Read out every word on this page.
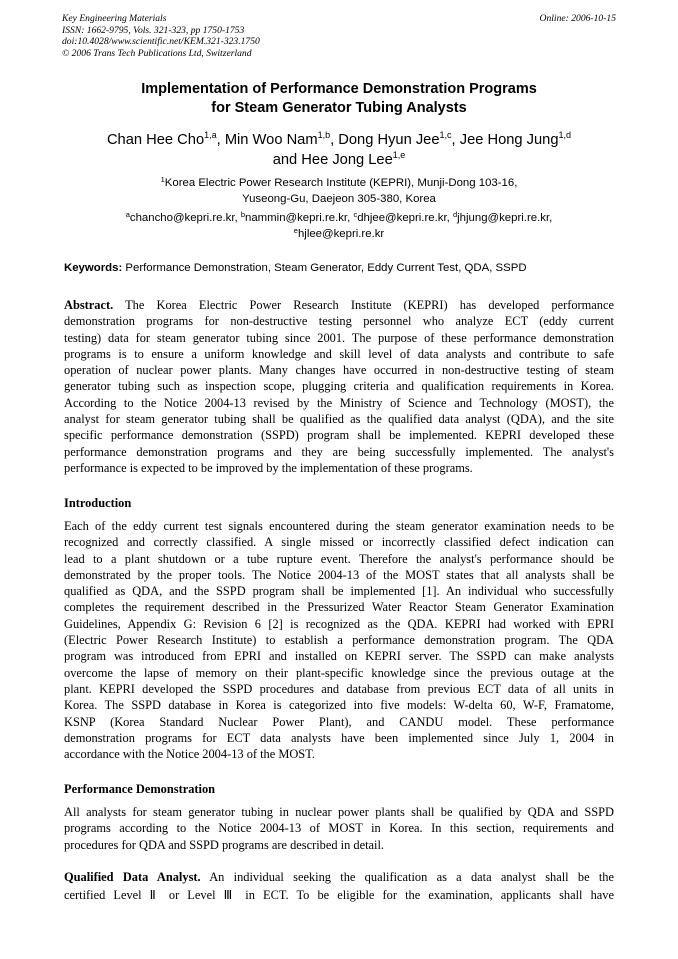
Key Engineering Materials
ISSN: 1662-9795, Vols. 321-323, pp 1750-1753
doi:10.4028/www.scientific.net/KEM.321-323.1750
© 2006 Trans Tech Publications Ltd, Switzerland
Online: 2006-10-15
Implementation of Performance Demonstration Programs
for Steam Generator Tubing Analysts
Chan Hee Cho$^{1,a}$, Min Woo Nam$^{1,b}$, Dong Hyun Jee$^{1,c}$, Jee Hong Jung$^{1,d}$
and Hee Jong Lee$^{1,e}$
$^1$Korea Electric Power Research Institute (KEPRI), Munji-Dong 103-16,
Yuseong-Gu, Daejeon 305-380, Korea
$^a$chancho@kepri.re.kr, $^b$nammin@kepri.re.kr, $^c$dhjee@kepri.re.kr, $^d$jhjung@kepri.re.kr,
$^e$hjlee@kepri.re.kr
Keywords: Performance Demonstration, Steam Generator, Eddy Current Test, QDA, SSPD
Abstract. The Korea Electric Power Research Institute (KEPRI) has developed performance
demonstration programs for non-destructive testing personnel who analyze ECT (eddy current
testing) data for steam generator tubing since 2001. The purpose of these performance demonstration
programs is to ensure a uniform knowledge and skill level of data analysts and contribute to safe
operation of nuclear power plants. Many changes have occurred in non-destructive testing of steam
generator tubing such as inspection scope, plugging criteria and qualification requirements in Korea.
According to the Notice 2004-13 revised by the Ministry of Science and Technology (MOST), the
analyst for steam generator tubing shall be qualified as the qualified data analyst (QDA), and the site
specific performance demonstration (SSPD) program shall be implemented. KEPRI developed these
performance demonstration programs and they are being successfully implemented. The analyst's
performance is expected to be improved by the implementation of these programs.
Introduction
Each of the eddy current test signals encountered during the steam generator examination needs to be
recognized and correctly classified. A single missed or incorrectly classified defect indication can
lead to a plant shutdown or a tube rupture event. Therefore the analyst's performance should be
demonstrated by the proper tools. The Notice 2004-13 of the MOST states that all analysts shall be
qualified as QDA, and the SSPD program shall be implemented [1]. An individual who successfully
completes the requirement described in the Pressurized Water Reactor Steam Generator Examination
Guidelines, Appendix G: Revision 6 [2] is recognized as the QDA. KEPRI had worked with EPRI
(Electric Power Research Institute) to establish a performance demonstration program. The QDA
program was introduced from EPRI and installed on KEPRI server. The SSPD can make analysts
overcome the lapse of memory on their plant-specific knowledge since the previous outage at the
plant. KEPRI developed the SSPD procedures and database from previous ECT data of all units in
Korea. The SSPD database in Korea is categorized into five models: W-delta 60, W-F, Framatome,
KSNP (Korea Standard Nuclear Power Plant), and CANDU model. These performance
demonstration programs for ECT data analysts have been implemented since July 1, 2004 in
accordance with the Notice 2004-13 of the MOST.
Performance Demonstration
All analysts for steam generator tubing in nuclear power plants shall be qualified by QDA and SSPD
programs according to the Notice 2004-13 of MOST in Korea. In this section, requirements and
procedures for QDA and SSPD programs are described in detail.
Qualified Data Analyst. An individual seeking the qualification as a data analyst shall be the
certified Level Ⅱ or Level Ⅲ in ECT. To be eligible for the examination, applicants shall have
